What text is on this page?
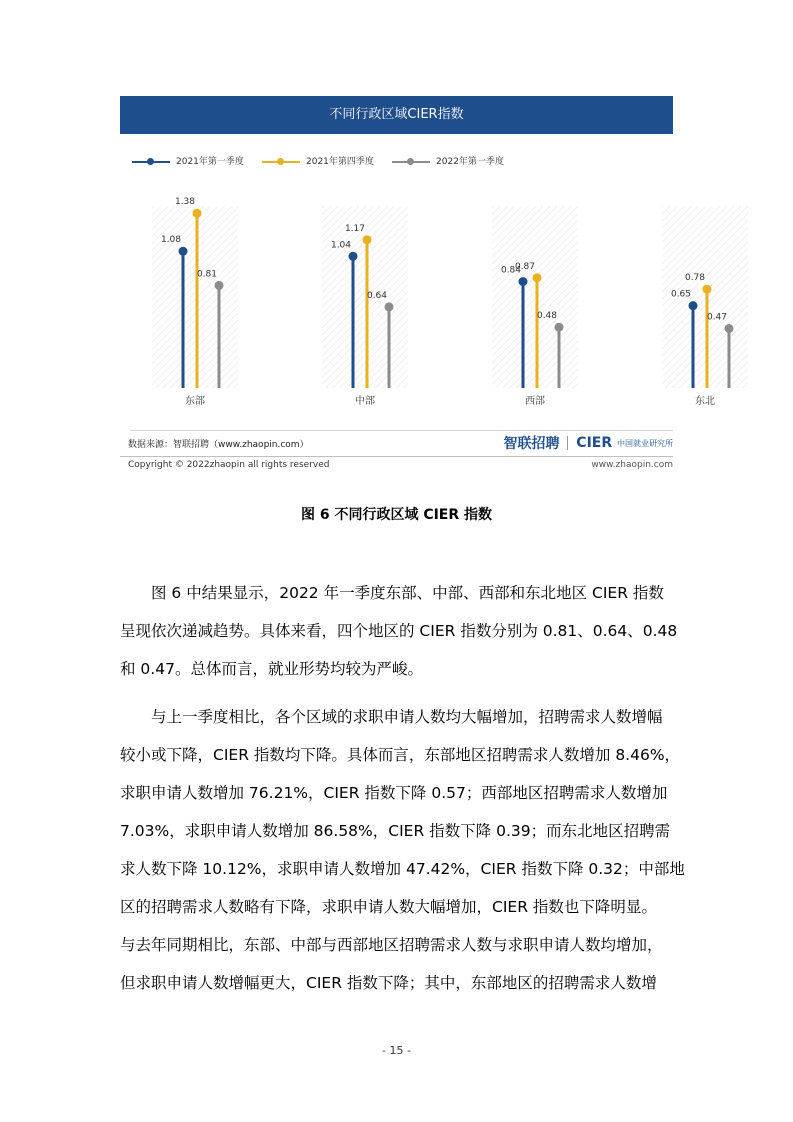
不同行政区域CIER指数
2021年第一季度	2021年第四季度	2022年第一季度
1.08
1.38
0.81
东部
1.04
1.17
0.64
中部
0.84
0.87
0.48
西部
0.65
0.78
0.47
东北
数据来源：智联招聘（www.zhaopin.com）	智联招聘 CIER 中国就业研究所
Copyright © 2022zhaopin all rights reserved	www.zhaopin.com
图 6 不同行政区域 CIER 指数
　　图 6 中结果显示，2022 年一季度东部、中部、西部和东北地区 CIER 指数
呈现依次递减趋势。具体来看，四个地区的 CIER 指数分别为 0.81、0.64、0.48
和 0.47。总体而言，就业形势均较为严峻。
　　与上一季度相比，各个区域的求职申请人数均大幅增加，招聘需求人数增幅
较小或下降，CIER 指数均下降。具体而言，东部地区招聘需求人数增加 8.46%，
求职申请人数增加 76.21%，CIER 指数下降 0.57；西部地区招聘需求人数增加
7.03%，求职申请人数增加 86.58%，CIER 指数下降 0.39；而东北地区招聘需
求人数下降 10.12%，求职申请人数增加 47.42%，CIER 指数下降 0.32；中部地
区的招聘需求人数略有下降，求职申请人数大幅增加，CIER 指数也下降明显。
与去年同期相比，东部、中部与西部地区招聘需求人数与求职申请人数均增加，
但求职申请人数增幅更大，CIER 指数下降；其中，东部地区的招聘需求人数增
- 15 -
